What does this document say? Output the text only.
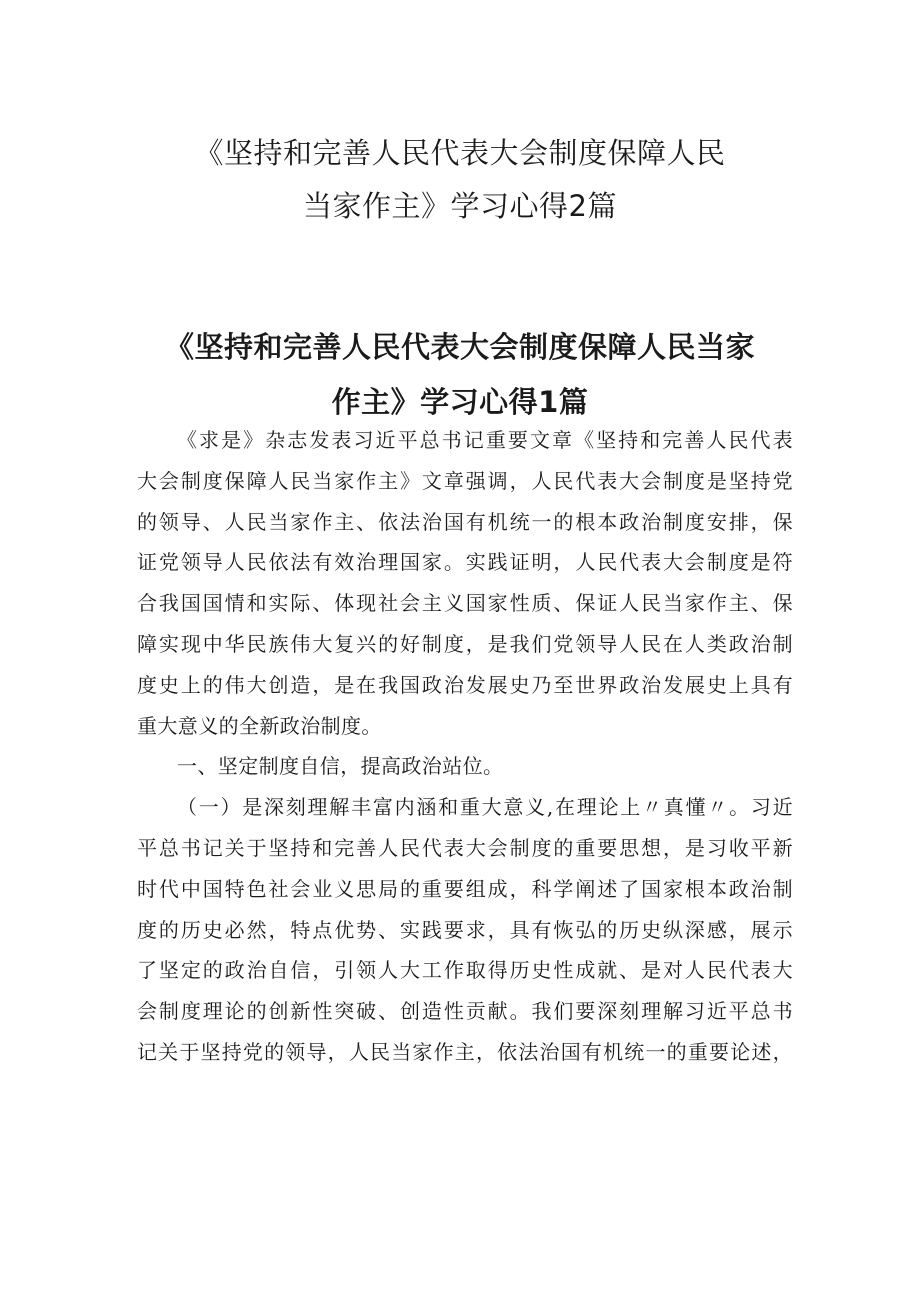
《坚持和完善人民代表大会制度保障人民
当家作主》学习心得2篇
《坚持和完善人民代表大会制度保障人民当家
作主》学习心得1篇
《求是》杂志发表习近平总书记重要文章《坚持和完善人民代表
大会制度保障人民当家作主》文章强调，人民代表大会制度是坚持党
的领导、人民当家作主、依法治国有机统一的根本政治制度安排，保
证党领导人民依法有效治理国家。实践证明，人民代表大会制度是符
合我国国情和实际、体现社会主义国家性质、保证人民当家作主、保
障实现中华民族伟大复兴的好制度，是我们党领导人民在人类政治制
度史上的伟大创造，是在我国政治发展史乃至世界政治发展史上具有
重大意义的全新政治制度。
一、坚定制度自信，提高政治站位。
（一）是深刻理解丰富内涵和重大意义,在理论上〃真懂〃。习近
平总书记关于坚持和完善人民代表大会制度的重要思想，是习收平新
时代中国特色社会业义思局的重要组成，科学阐述了国家根本政治制
度的历史必然，特点优势、实践要求，具有恢弘的历史纵深感，展示
了坚定的政治自信，引领人大工作取得历史性成就、是对人民代表大
会制度理论的创新性突破、创造性贡献。我们要深刻理解习近平总书
记关于坚持党的领导，人民当家作主，依法治国有机统一的重要论述，
